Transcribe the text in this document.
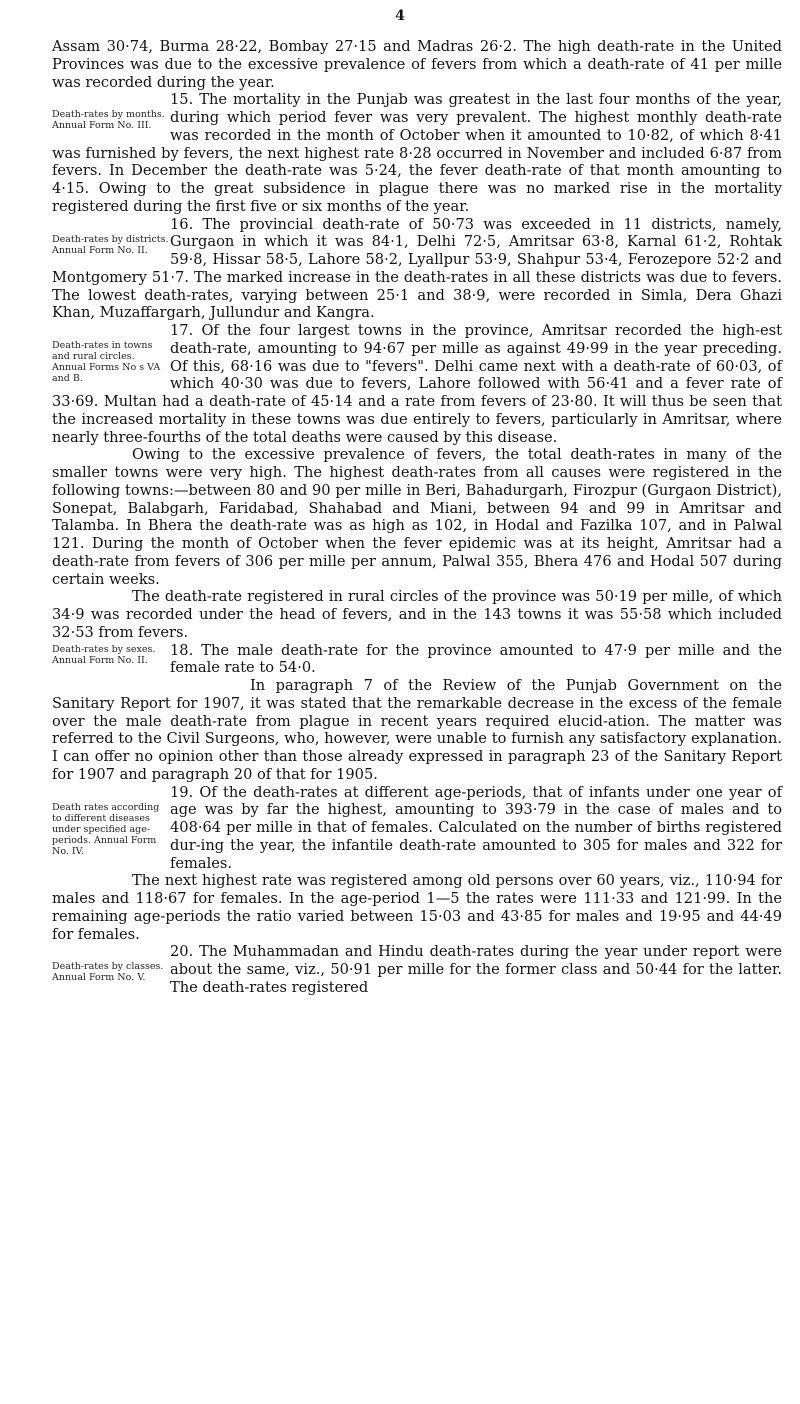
4

Assam 30·74, Burma 28·22, Bombay 27·15 and Madras 26·2. The high death-rate in the United Provinces was due to the excessive prevalence of fevers from which a death-rate of 41 per mille was recorded during the year.

Death-rates by months. Annual Form No. III.

15. The mortality in the Punjab was greatest in the last four months of the year, during which period fever was very prevalent. The highest monthly death-rate was recorded in the month of October when it amounted to 10·82, of which 8·41 was furnished by fevers, the next highest rate 8·28 occurred in November and included 6·87 from fevers. In December the death-rate was 5·24, the fever death-rate of that month amounting to 4·15. Owing to the great subsidence in plague there was no marked rise in the mortality registered during the first five or six months of the year.

Death-rates by districts. Annual Form No. II.

16. The provincial death-rate of 50·73 was exceeded in 11 districts, namely, Gurgaon in which it was 84·1, Delhi 72·5, Amritsar 63·8, Karnal 61·2, Rohtak 59·8, Hissar 58·5, Lahore 58·2, Lyallpur 53·9, Shahpur 53·4, Ferozepore 52·2 and Montgomery 51·7. The marked increase in the death-rates in all these districts was due to fevers. The lowest death-rates, varying between 25·1 and 38·9, were recorded in Simla, Dera Ghazi Khan, Muzaffargarh, Jullundur and Kangra.

Death-rates in towns and rural circles. Annual Forms No s VA and B.

17. Of the four largest towns in the province, Amritsar recorded the high-est death-rate, amounting to 94·67 per mille as against 49·99 in the year preceding. Of this, 68·16 was due to "fevers". Delhi came next with a death-rate of 60·03, of which 40·30 was due to fevers, Lahore followed with 56·41 and a fever rate of 33·69. Multan had a death-rate of 45·14 and a rate from fevers of 23·80. It will thus be seen that the increased mortality in these towns was due entirely to fevers, particularly in Amritsar, where nearly three-fourths of the total deaths were caused by this disease.

Owing to the excessive prevalence of fevers, the total death-rates in many of the smaller towns were very high. The highest death-rates from all causes were registered in the following towns:—between 80 and 90 per mille in Beri, Bahadurgarh, Firozpur (Gurgaon District), Sonepat, Balabgarh, Faridabad, Shahabad and Miani, between 94 and 99 in Amritsar and Talamba. In Bhera the death-rate was as high as 102, in Hodal and Fazilka 107, and in Palwal 121. During the month of October when the fever epidemic was at its height, Amritsar had a death-rate from fevers of 306 per mille per annum, Palwal 355, Bhera 476 and Hodal 507 during certain weeks.

The death-rate registered in rural circles of the province was 50·19 per mille, of which 34·9 was recorded under the head of fevers, and in the 143 towns it was 55·58 which included 32·53 from fevers.

Death-rates by sexes. Annual Form No. II.

18. The male death-rate for the province amounted to 47·9 per mille and the female rate to 54·0.

In paragraph 7 of the Review of the Punjab Government on the Sanitary Report for 1907, it was stated that the remarkable decrease in the excess of the female over the male death-rate from plague in recent years required elucid-ation. The matter was referred to the Civil Surgeons, who, however, were unable to furnish any satisfactory explanation. I can offer no opinion other than those already expressed in paragraph 23 of the Sanitary Report for 1907 and paragraph 20 of that for 1905.

Death rates according to different diseases under specified age-periods. Annual Form No. IV.

19. Of the death-rates at different age-periods, that of infants under one year of age was by far the highest, amounting to 393·79 in the case of males and to 408·64 per mille in that of females. Calculated on the number of births registered dur-ing the year, the infantile death-rate amounted to 305 for males and 322 for females.

The next highest rate was registered among old persons over 60 years, viz., 110·94 for males and 118·67 for females. In the age-period 1—5 the rates were 111·33 and 121·99. In the remaining age-periods the ratio varied between 15·03 and 43·85 for males and 19·95 and 44·49 for females.

Death-rates by classes. Annual Form No. V.

20. The Muhammadan and Hindu death-rates during the year under report were about the same, viz., 50·91 per mille for the former class and 50·44 for the latter. The death-rates registered
